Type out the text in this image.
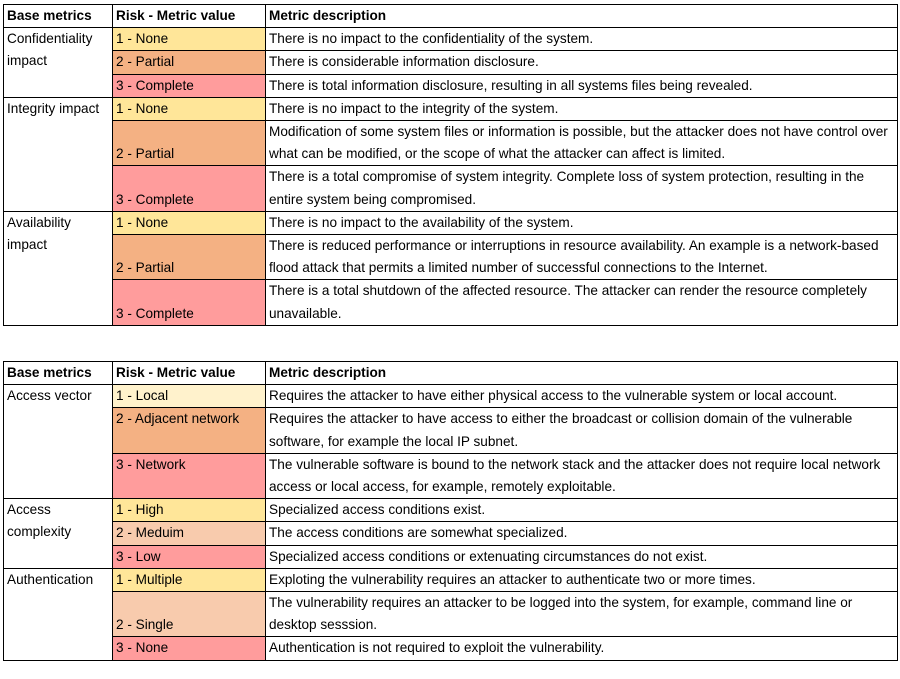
Base metrics	Risk - Metric value	Metric description
Confidentiality impact	1 - None	There is no impact to the confidentiality of the system.
	2 - Partial	There is considerable information disclosure.
	3 - Complete	There is total information disclosure, resulting in all systems files being revealed.
Integrity impact	1 - None	There is no impact to the integrity of the system.
	2 - Partial	Modification of some system files or information is possible, but the attacker does not have control over what can be modified, or the scope of what the attacker can affect is limited.
	3 - Complete	There is a total compromise of system integrity. Complete loss of system protection, resulting in the entire system being compromised.
Availability impact	1 - None	There is no impact to the availability of the system.
	2 - Partial	There is reduced performance or interruptions in resource availability. An example is a network-based flood attack that permits a limited number of successful connections to the Internet.
	3 - Complete	There is a total shutdown of the affected resource. The attacker can render the resource completely unavailable.
Base metrics	Risk - Metric value	Metric description
Access vector	1 - Local	Requires the attacker to have either physical access to the vulnerable system or local account.
	2 - Adjacent network	Requires the attacker to have access to either the broadcast or collision domain of the vulnerable software, for example the local IP subnet.
	3 - Network	The vulnerable software is bound to the network stack and the attacker does not require local network access or local access, for example, remotely exploitable.
Access complexity	1 - High	Specialized access conditions exist.
	2 - Meduim	The access conditions are somewhat specialized.
	3 - Low	Specialized access conditions or extenuating circumstances do not exist.
Authentication	1 - Multiple	Exploting the vulnerability requires an attacker to authenticate two or more times.
	2 - Single	The vulnerability requires an attacker to be logged into the system, for example, command line or desktop sesssion.
	3 - None	Authentication is not required to exploit the vulnerability.
